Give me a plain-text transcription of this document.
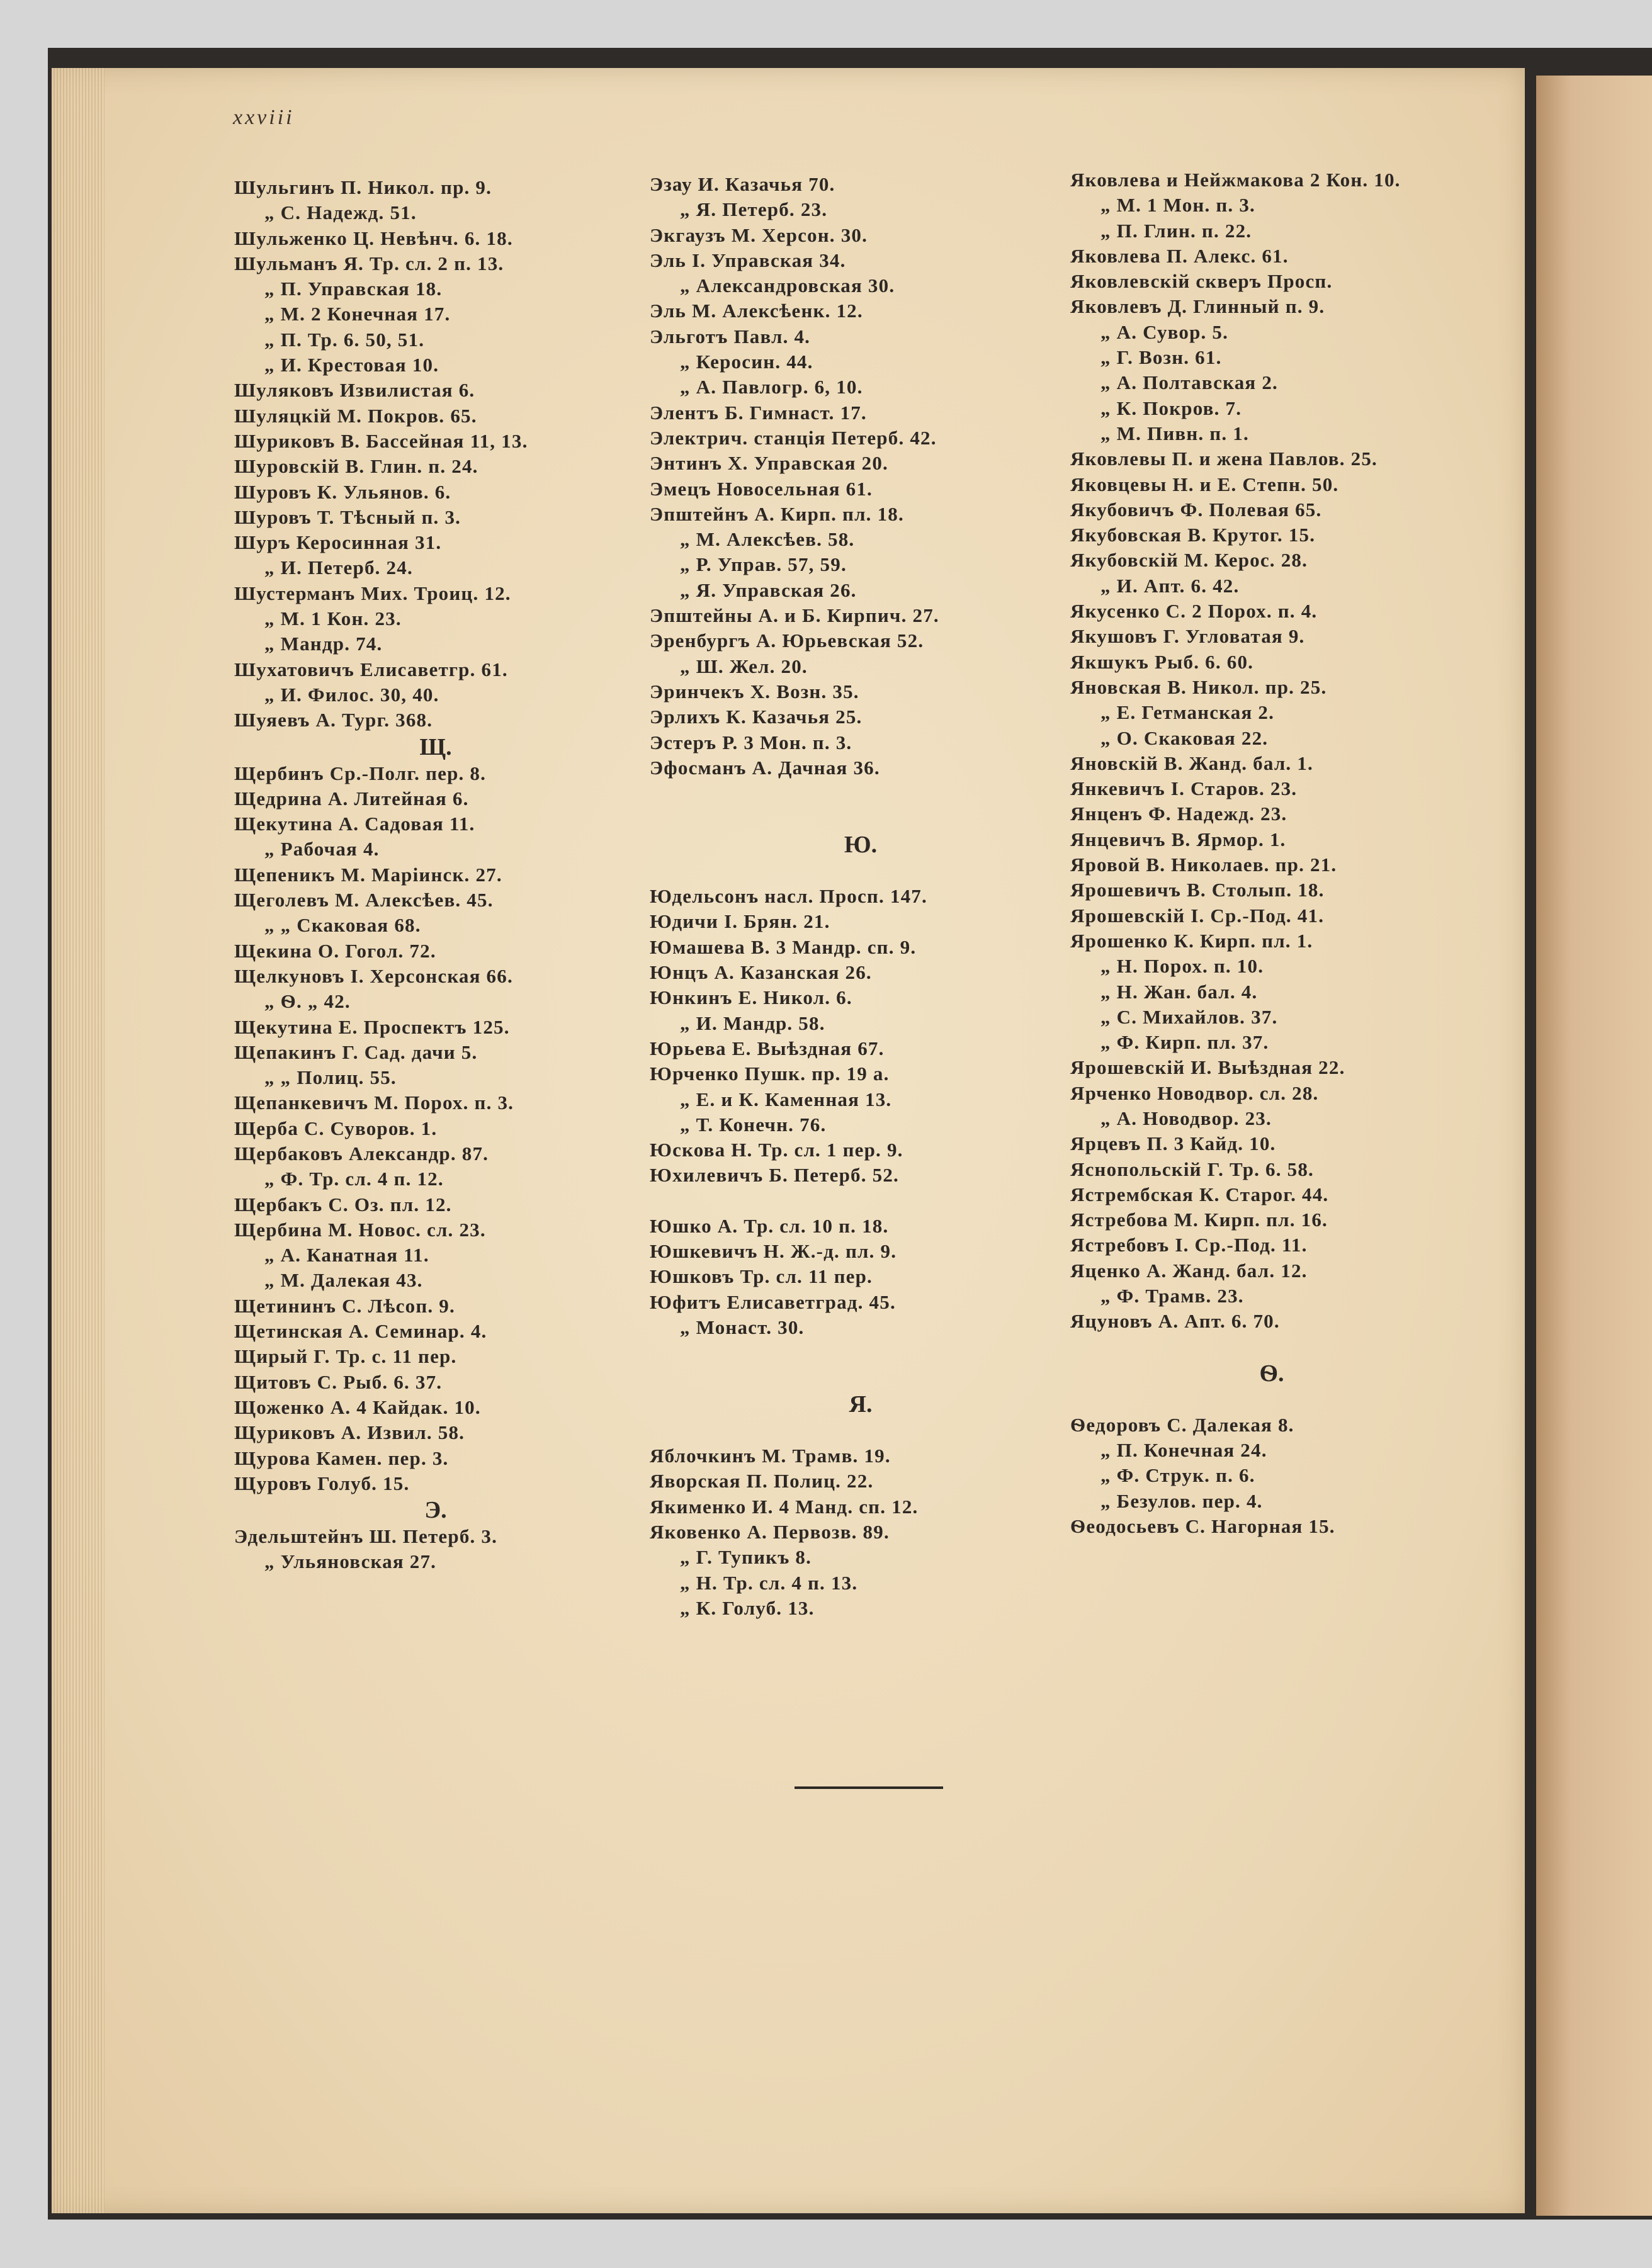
xxviii
Шульгинъ П. Никол. пр. 9.
„ С. Надежд. 51.
Шульженко Ц. Невѣнч. 6. 18.
Шульманъ Я. Тр. сл. 2 п. 13.
„ П. Управская 18.
„ М. 2 Конечная 17.
„ П. Тр. 6. 50, 51.
„ И. Крестовая 10.
Шуляковъ Извилистая 6.
Шуляцкій М. Покров. 65.
Шуриковъ В. Бассейная 11, 13.
Шуровскій В. Глин. п. 24.
Шуровъ К. Ульянов. 6.
Шуровъ Т. Тѣсный п. 3.
Шуръ Керосинная 31.
„ И. Петерб. 24.
Шустерманъ Мих. Троиц. 12.
„ М. 1 Кон. 23.
„ Мандр. 74.
Шухатовичъ Елисаветгр. 61.
„ И. Филос. 30, 40.
Шуяевъ А. Тург. 368.
Щ.
Щербинъ Ср.-Полг. пер. 8.
Щедрина А. Литейная 6.
Щекутина А. Садовая 11.
„ Рабочая 4.
Щепеникъ М. Маріинск. 27.
Щеголевъ М. Алексѣев. 45.
„ „ Скаковая 68.
Щекина О. Гогол. 72.
Щелкуновъ І. Херсонская 66.
„ Ѳ. „ 42.
Щекутина Е. Проспектъ 125.
Щепакинъ Г. Сад. дачи 5.
„ „ Полиц. 55.
Щепанкевичъ М. Порох. п. 3.
Щерба С. Суворов. 1.
Щербаковъ Александр. 87.
„ Ф. Тр. сл. 4 п. 12.
Щербакъ С. Оз. пл. 12.
Щербина М. Новос. сл. 23.
„ А. Канатная 11.
„ М. Далекая 43.
Щетининъ С. Лѣсоп. 9.
Щетинская А. Семинар. 4.
Щирый Г. Тр. с. 11 пер.
Щитовъ С. Рыб. 6. 37.
Щоженко А. 4 Кайдак. 10.
Щуриковъ А. Извил. 58.
Щурова Камен. пер. 3.
Щуровъ Голуб. 15.
Э.
Эдельштейнъ Ш. Петерб. 3.
„ Ульяновская 27.
Эзау И. Казачья 70.
„ Я. Петерб. 23.
Экгаузъ М. Херсон. 30.
Эль І. Управская 34.
„ Александровская 30.
Эль М. Алексѣенк. 12.
Эльготъ Павл. 4.
„ Керосин. 44.
„ А. Павлогр. 6, 10.
Элентъ Б. Гимнаст. 17.
Электрич. станція Петерб. 42.
Энтинъ Х. Управская 20.
Эмецъ Новосельная 61.
Эпштейнъ А. Кирп. пл. 18.
„ М. Алексѣев. 58.
„ Р. Управ. 57, 59.
„ Я. Управская 26.
Эпштейны А. и Б. Кирпич. 27.
Эренбургъ А. Юрьевская 52.
„ Ш. Жел. 20.
Эринчекъ Х. Возн. 35.
Эрлихъ К. Казачья 25.
Эстеръ Р. 3 Мон. п. 3.
Эфосманъ А. Дачная 36.
Ю.
Юдельсонъ насл. Просп. 147.
Юдичи І. Брян. 21.
Юмашева В. 3 Мандр. сп. 9.
Юнцъ А. Казанская 26.
Юнкинъ Е. Никол. 6.
„ И. Мандр. 58.
Юрьева Е. Выѣздная 67.
Юрченко Пушк. пр. 19 а.
„ Е. и К. Каменная 13.
„ Т. Конечн. 76.
Юскова Н. Тр. сл. 1 пер. 9.
Юхилевичъ Б. Петерб. 52.
Юшко А. Тр. сл. 10 п. 18.
Юшкевичъ Н. Ж.-д. пл. 9.
Юшковъ Тр. сл. 11 пер.
Юфитъ Елисаветград. 45.
„ Монаст. 30.
Я.
Яблочкинъ М. Трамв. 19.
Яворская П. Полиц. 22.
Якименко И. 4 Манд. сп. 12.
Яковенко А. Первозв. 89.
„ Г. Тупикъ 8.
„ Н. Тр. сл. 4 п. 13.
„ К. Голуб. 13.
Яковлева и Нейжмакова 2 Кон. 10.
„ М. 1 Мон. п. 3.
„ П. Глин. п. 22.
Яковлева П. Алекс. 61.
Яковлевскій скверъ Просп.
Яковлевъ Д. Глинный п. 9.
„ А. Сувор. 5.
„ Г. Возн. 61.
„ А. Полтавская 2.
„ К. Покров. 7.
„ М. Пивн. п. 1.
Яковлевы П. и жена Павлов. 25.
Яковцевы Н. и Е. Степн. 50.
Якубовичъ Ф. Полевая 65.
Якубовская В. Крутог. 15.
Якубовскій М. Керос. 28.
„ И. Апт. 6. 42.
Якусенко С. 2 Порох. п. 4.
Якушовъ Г. Угловатая 9.
Якшукъ Рыб. 6. 60.
Яновская В. Никол. пр. 25.
„ Е. Гетманская 2.
„ О. Скаковая 22.
Яновскій В. Жанд. бал. 1.
Янкевичъ І. Старов. 23.
Янценъ Ф. Надежд. 23.
Янцевичъ В. Ярмор. 1.
Яровой В. Николаев. пр. 21.
Ярошевичъ В. Столып. 18.
Ярошевскій І. Ср.-Под. 41.
Ярошенко К. Кирп. пл. 1.
„ Н. Порох. п. 10.
„ Н. Жан. бал. 4.
„ С. Михайлов. 37.
„ Ф. Кирп. пл. 37.
Ярошевскій И. Выѣздная 22.
Ярченко Новодвор. сл. 28.
„ А. Новодвор. 23.
Ярцевъ П. 3 Кайд. 10.
Яснопольскій Г. Тр. 6. 58.
Ястрембская К. Старог. 44.
Ястребова М. Кирп. пл. 16.
Ястребовъ І. Ср.-Под. 11.
Яценко А. Жанд. бал. 12.
„ Ф. Трамв. 23.
Яцуновъ А. Апт. 6. 70.
Ѳ.
Ѳедоровъ С. Далекая 8.
„ П. Конечная 24.
„ Ф. Струк. п. 6.
„ Безулов. пер. 4.
Ѳеодосьевъ С. Нагорная 15.
